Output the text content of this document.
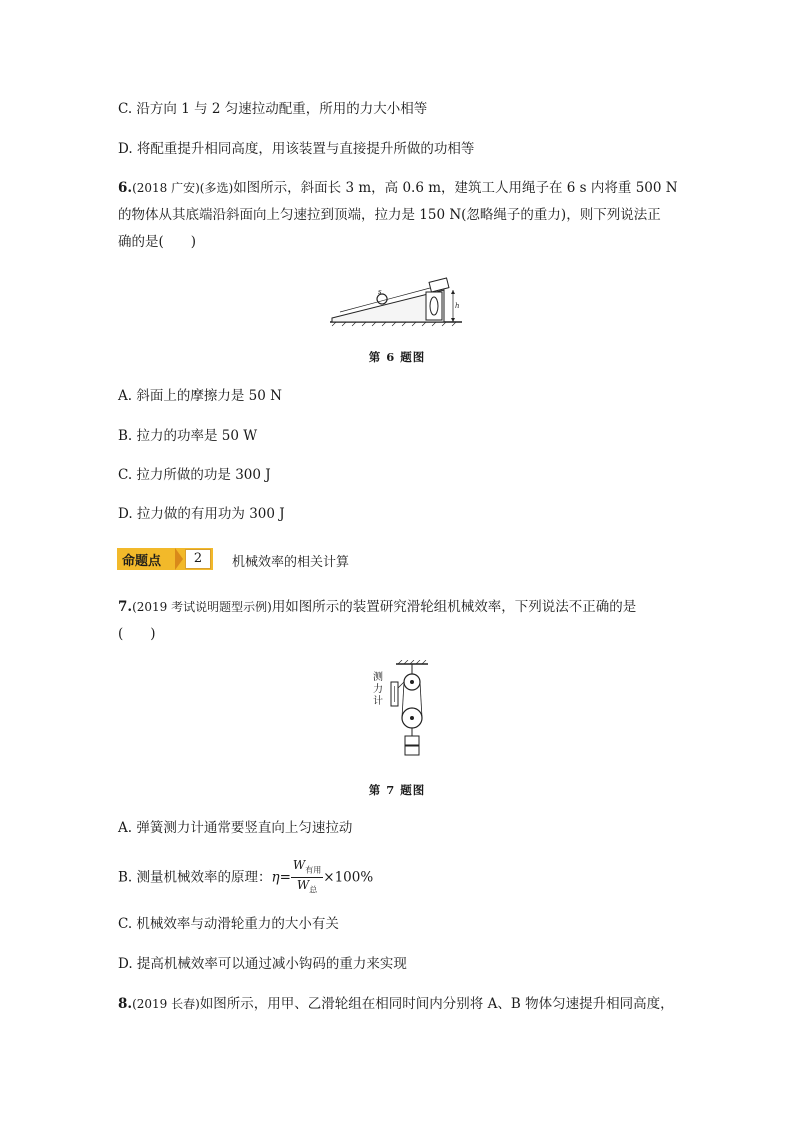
C. 沿方向 1 与 2 匀速拉动配重，所用的力大小相等
D. 将配重提升相同高度，用该装置与直接提升所做的功相等
6.(2018 广安)(多选)如图所示，斜面长 3 m，高 0.6 m，建筑工人用绳子在 6 s 内将重 500 N
的物体从其底端沿斜面向上匀速拉到顶端，拉力是 150 N(忽略绳子的重力)，则下列说法正
确的是(　　)
s
h
第 6 题图
A. 斜面上的摩擦力是 50 N
B. 拉力的功率是 50 W
C. 拉力所做的功是 300 J
D. 拉力做的有用功为 300 J
命题点	2	机械效率的相关计算
7.(2019 考试说明题型示例)用如图所示的装置研究滑轮组机械效率，下列说法不正确的是
(　　)
测力计
第 7 题图
A. 弹簧测力计通常要竖直向上匀速拉动
B. 测量机械效率的原理：$\eta= \frac{W_{有用}}{W_总} \times 100\%$
C. 机械效率与动滑轮重力的大小有关
D. 提高机械效率可以通过减小钩码的重力来实现
8.(2019 长春)如图所示，用甲、乙滑轮组在相同时间内分别将 A、B 物体匀速提升相同高度，
